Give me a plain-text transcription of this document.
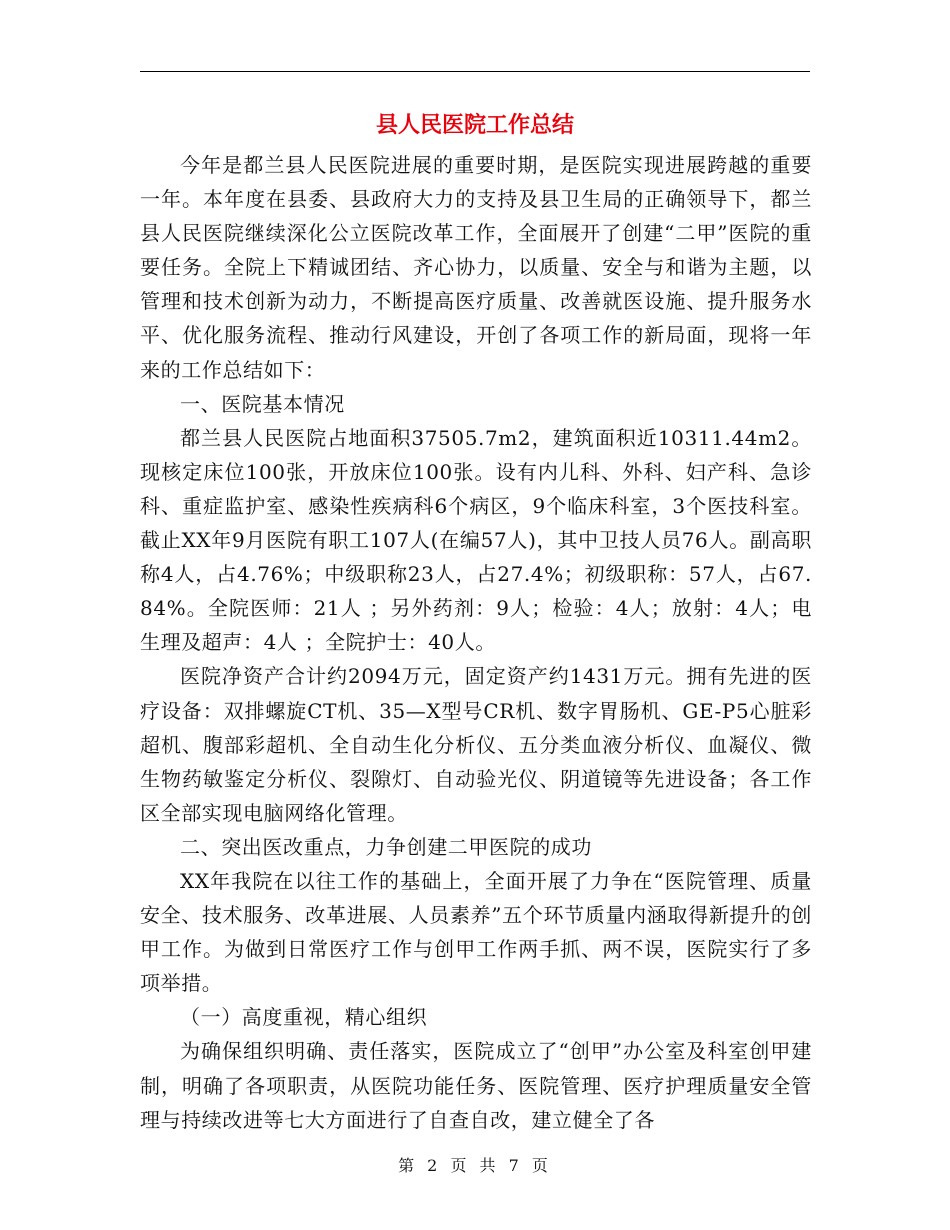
县人民医院工作总结

今年是都兰县人民医院进展的重要时期，是医院实现进展跨越的重要一年。本年度在县委、县政府大力的支持及县卫生局的正确领导下，都兰县人民医院继续深化公立医院改革工作，全面展开了创建“二甲”医院的重要任务。全院上下精诚团结、齐心协力，以质量、安全与和谐为主题，以管理和技术创新为动力，不断提高医疗质量、改善就医设施、提升服务水平、优化服务流程、推动行风建设，开创了各项工作的新局面，现将一年来的工作总结如下：

一、医院基本情况

都兰县人民医院占地面积37505.7m2，建筑面积近10311.44m2。现核定床位100张，开放床位100张。设有内儿科、外科、妇产科、急诊科、重症监护室、感染性疾病科6个病区，9个临床科室，3个医技科室。截止XX年9月医院有职工107人(在编57人)，其中卫技人员76人。副高职称4人，占4.76%；中级职称23人，占27.4%；初级职称：57人，占67.84%。全院医师：21人 ；另外药剂：9人；检验：4人；放射：4人；电生理及超声：4人 ；全院护士：40人。

医院净资产合计约2094万元，固定资产约1431万元。拥有先进的医疗设备：双排螺旋CT机、35—X型号CR机、数字胃肠机、GE-P5心脏彩超机、腹部彩超机、全自动生化分析仪、五分类血液分析仪、血凝仪、微生物药敏鉴定分析仪、裂隙灯、自动验光仪、阴道镜等先进设备；各工作区全部实现电脑网络化管理。

二、突出医改重点，力争创建二甲医院的成功

XX年我院在以往工作的基础上，全面开展了力争在“医院管理、质量安全、技术服务、改革进展、人员素养”五个环节质量内涵取得新提升的创甲工作。为做到日常医疗工作与创甲工作两手抓、两不误，医院实行了多项举措。

（一）高度重视，精心组织

为确保组织明确、责任落实，医院成立了“创甲”办公室及科室创甲建制，明确了各项职责，从医院功能任务、医院管理、医疗护理质量安全管理与持续改进等七大方面进行了自查自改，建立健全了各

第 2 页 共 7 页
